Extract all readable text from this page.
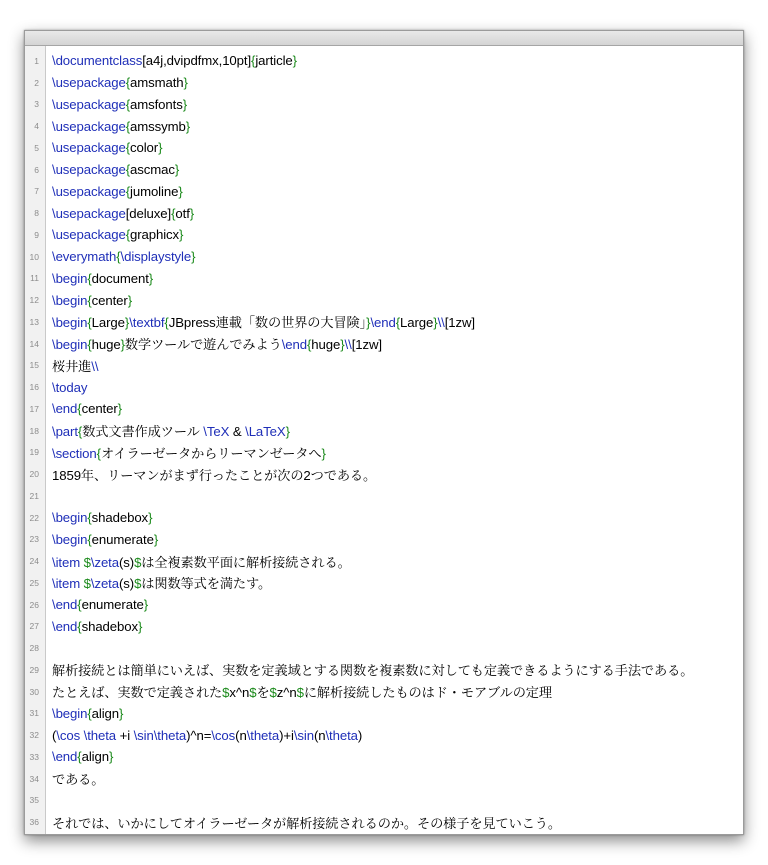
1 \documentclass[a4j,dvipdfmx,10pt]{jarticle}
2 \usepackage{amsmath}
3 \usepackage{amsfonts}
4 \usepackage{amssymb}
5 \usepackage{color}
6 \usepackage{ascmac}
7 \usepackage{jumoline}
8 \usepackage[deluxe]{otf}
9 \usepackage{graphicx}
10 \everymath{\displaystyle}
11 \begin{document}
12 \begin{center}
13 \begin{Large}\textbf{JBpress連載「数の世界の大冒険」}\end{Large}\\[1zw]
14 \begin{huge}数学ツールで遊んでみよう\end{huge}\\[1zw]
15 桜井進\\
16 \today
17 \end{center}
18 \part{数式文書作成ツール \TeX & \LaTeX}
19 \section{オイラーゼータからリーマンゼータへ}
20 1859年、リーマンがまず行ったことが次の2つである。
21
22 \begin{shadebox}
23 \begin{enumerate}
24 \item $\zeta(s)$は全複素数平面に解析接続される。
25 \item $\zeta(s)$は関数等式を満たす。
26 \end{enumerate}
27 \end{shadebox}
28
29 解析接続とは簡単にいえば、実数を定義域とする関数を複素数に対しても定義できるようにする手法である。
30 たとえば、実数で定義された$x^n$を$z^n$に解析接続したものはド・モアブルの定理
31 \begin{align}
32 (\cos \theta +i \sin\theta)^n=\cos(n\theta)+i\sin(n\theta)
33 \end{align}
34 である。
35
36 それでは、いかにしてオイラーゼータが解析接続されるのか。その様子を見ていこう。
